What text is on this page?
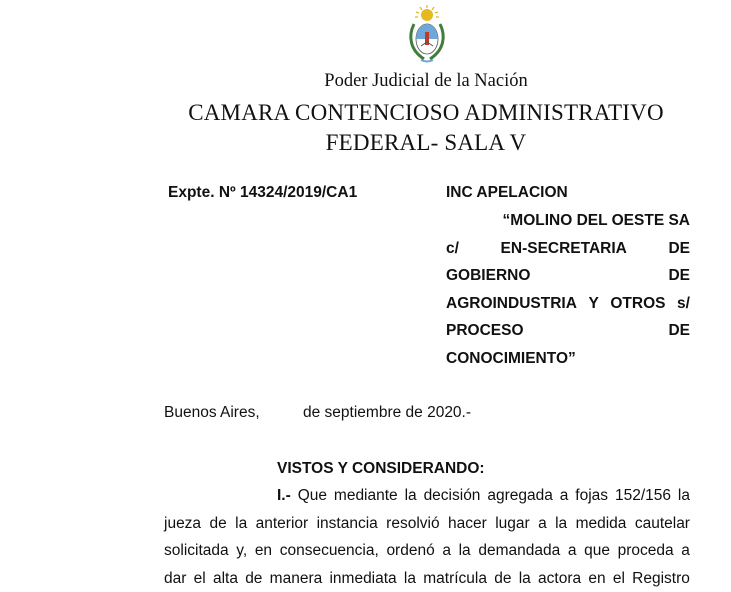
Poder Judicial de la Nación
CAMARA CONTENCIOSO ADMINISTRATIVO
FEDERAL- SALA V
Expte. Nº 14324/2019/CA1	INC APELACION
“MOLINO DEL OESTE SA
c/	EN-SECRETARIA	DE
GOBIERNO	DE
AGROINDUSTRIA Y OTROS s/
PROCESO	DE
CONOCIMIENTO”
Buenos Aires,	de septiembre de 2020.-
VISTOS Y CONSIDERANDO:
I.- Que mediante la decisión agregada a fojas 152/156 la
jueza de la anterior instancia resolvió hacer lugar a la medida cautelar
solicitada y, en consecuencia, ordenó a la demandada a que proceda a
dar el alta de manera inmediata la matrícula de la actora en el Registro
